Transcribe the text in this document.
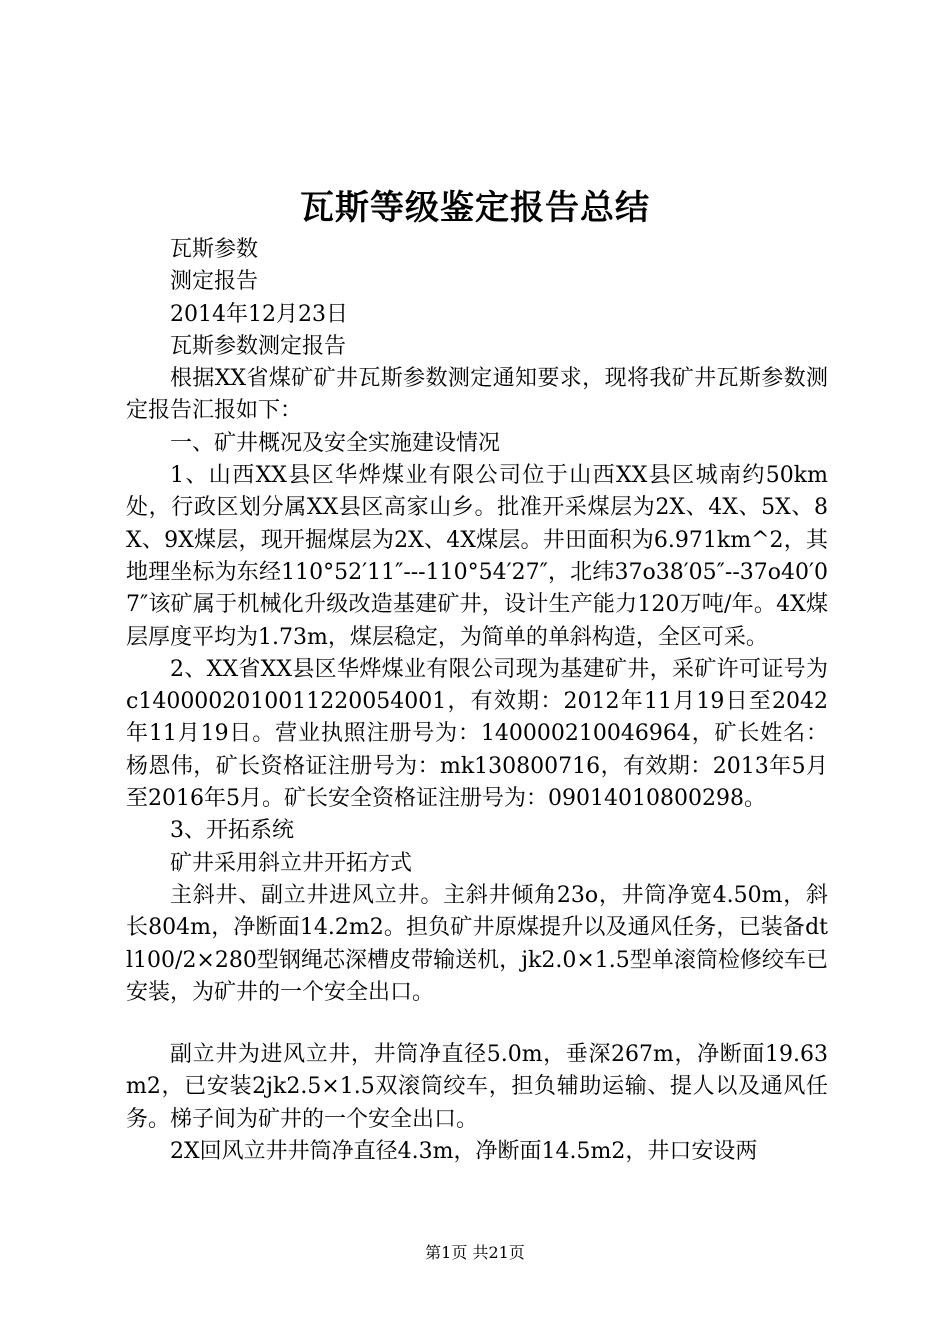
瓦斯等级鉴定报告总结

瓦斯参数

测定报告

2014年12月23日

瓦斯参数测定报告

根据XX省煤矿矿井瓦斯参数测定通知要求，现将我矿井瓦斯参数测定报告汇报如下：

一、矿井概况及安全实施建设情况

1、山西XX县区华烨煤业有限公司位于山西XX县区城南约50km处，行政区划分属XX县区高家山乡。批准开采煤层为2X、4X、5X、8X、9X煤层，现开掘煤层为2X、4X煤层。井田面积为6.971km^2，其地理坐标为东经110°52′11″---110°54′27″，北纬37o38′05″--37o40′07″该矿属于机械化升级改造基建矿井，设计生产能力120万吨/年。4X煤层厚度平均为1.73m，煤层稳定，为简单的单斜构造，全区可采。

2、XX省XX县区华烨煤业有限公司现为基建矿井，采矿许可证号为c1400002010011220054001，有效期：2012年11月19日至2042年11月19日。营业执照注册号为：140000210046964，矿长姓名：杨恩伟，矿长资格证注册号为：mk130800716，有效期：2013年5月至2016年5月。矿长安全资格证注册号为：09014010800298。

3、开拓系统

矿井采用斜立井开拓方式

主斜井、副立井进风立井。主斜井倾角23o，井筒净宽4.50m，斜长804m，净断面14.2m2。担负矿井原煤提升以及通风任务，已装备dtl100/2×280型钢绳芯深槽皮带输送机，jk2.0×1.5型单滚筒检修绞车已安装，为矿井的一个安全出口。

副立井为进风立井，井筒净直径5.0m，垂深267m，净断面19.63m2，已安装2jk2.5×1.5双滚筒绞车，担负辅助运输、提人以及通风任务。梯子间为矿井的一个安全出口。

2X回风立井井筒净直径4.3m，净断面14.5m2，井口安设两

第1页 共21页
